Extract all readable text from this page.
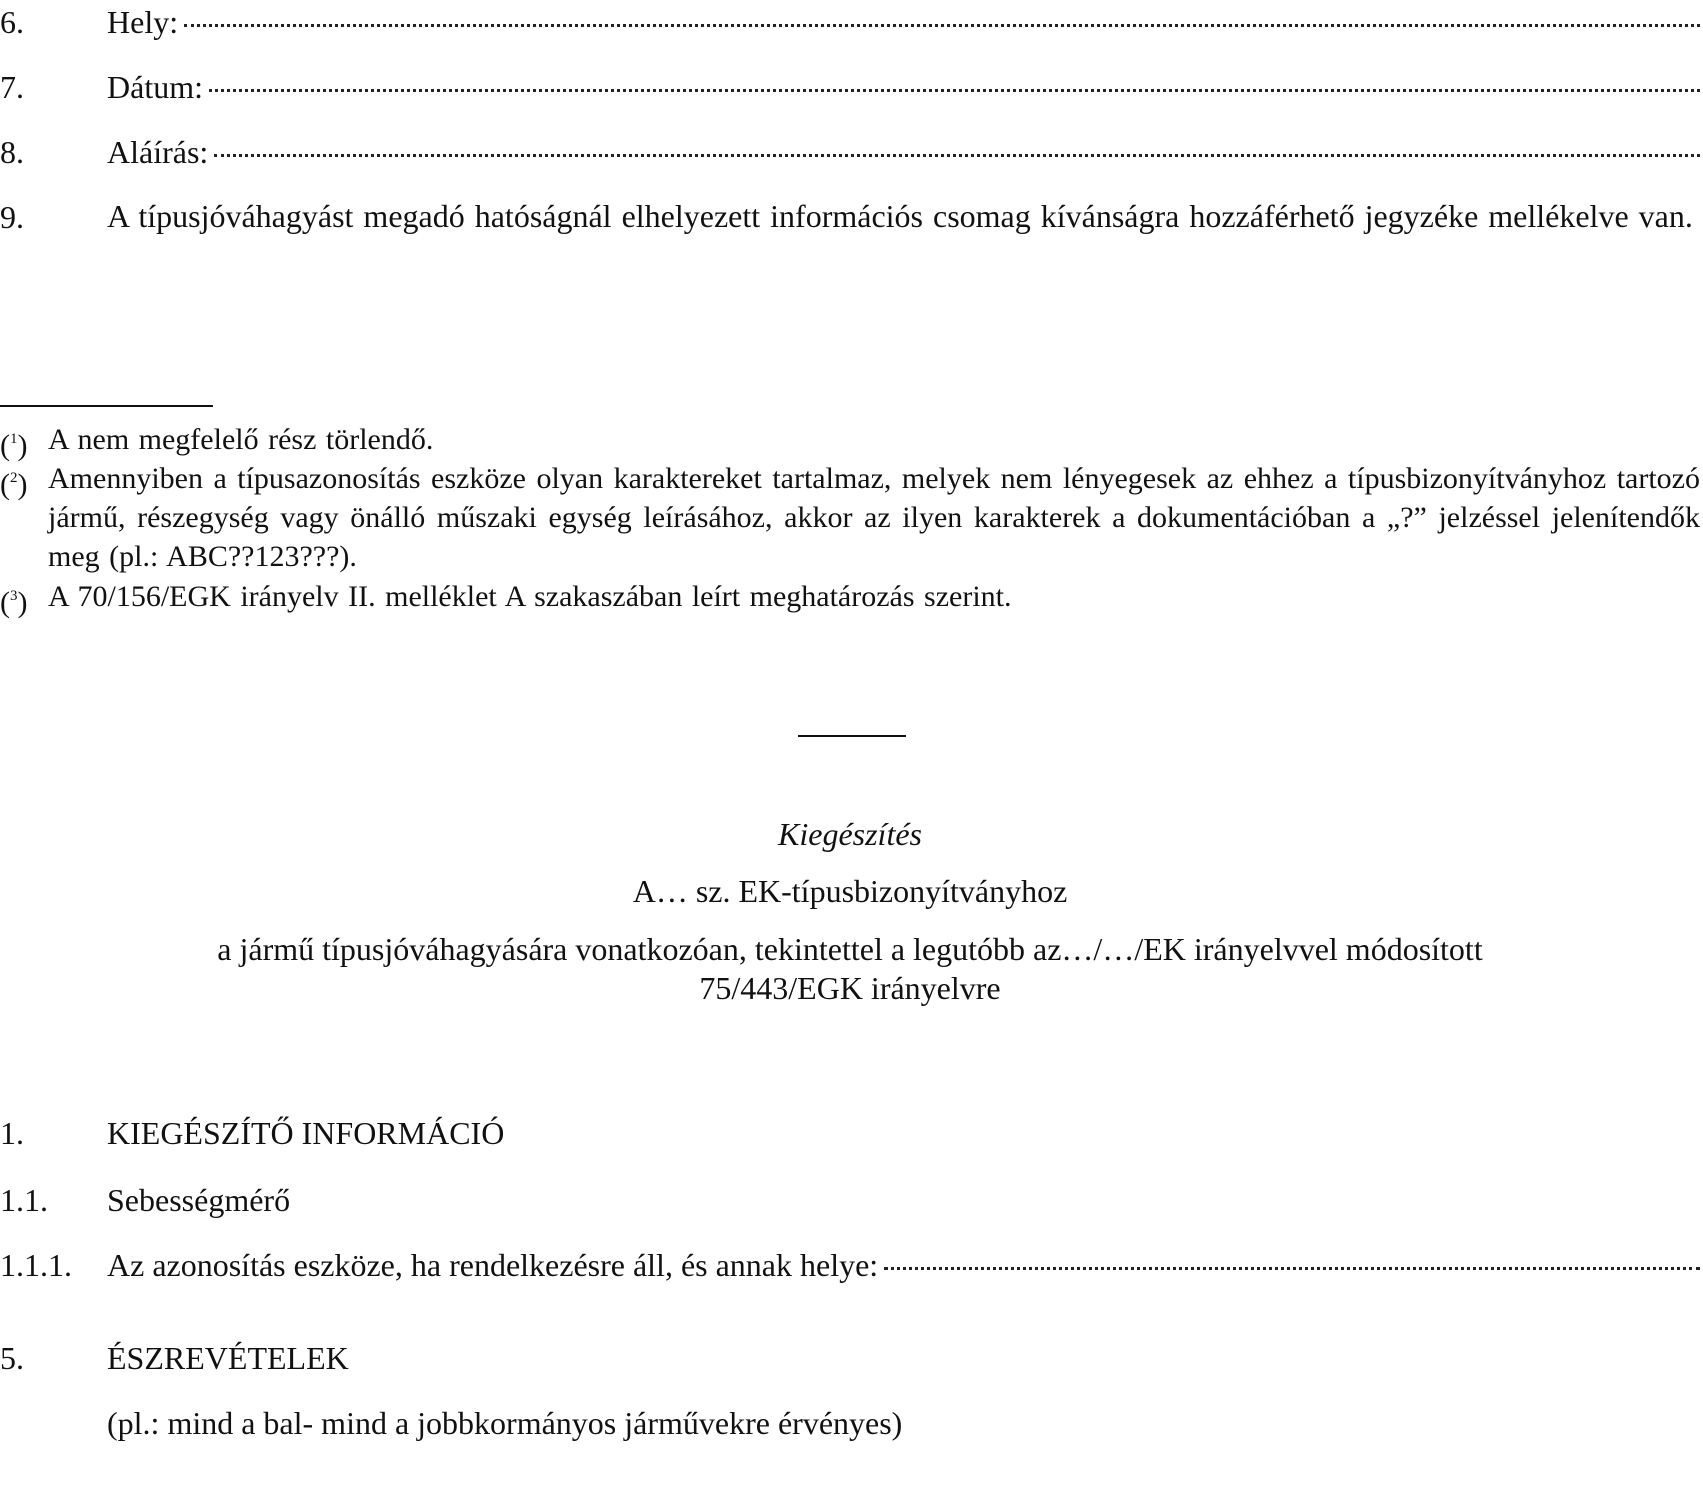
6.	Hely:
7.	Dátum:
8.	Aláírás:
9.	A típusjóváhagyást megadó hatóságnál elhelyezett információs csomag kívánságra hozzáférhető jegyzéke mellékelve van.
($^1$) A nem megfelelő rész törlendő.
($^2$) Amennyiben a típusazonosítás eszköze olyan karaktereket tartalmaz, melyek nem lényegesek az ehhez a típusbizonyítványhoz tartozó jármű, részegység vagy önálló műszaki egység leírásához, akkor az ilyen karakterek a dokumentációban a „?” jelzéssel jelenítendők meg (pl.: ABC??123???).
($^3$) A 70/156/EGK irányelv II. melléklet A szakaszában leírt meghatározás szerint.
Kiegészítés
A… sz. EK-típusbizonyítványhoz
a jármű típusjóváhagyására vonatkozóan, tekintettel a legutóbb az…/…/EK irányelvvel módosított 75/443/EGK irányelvre
1.	KIEGÉSZÍTŐ INFORMÁCIÓ
1.1. Sebességmérő
1.1.1. Az azonosítás eszköze, ha rendelkezésre áll, és annak helye:
5.	ÉSZREVÉTELEK
(pl.: mind a bal- mind a jobbkormányos járművekre érvényes)
